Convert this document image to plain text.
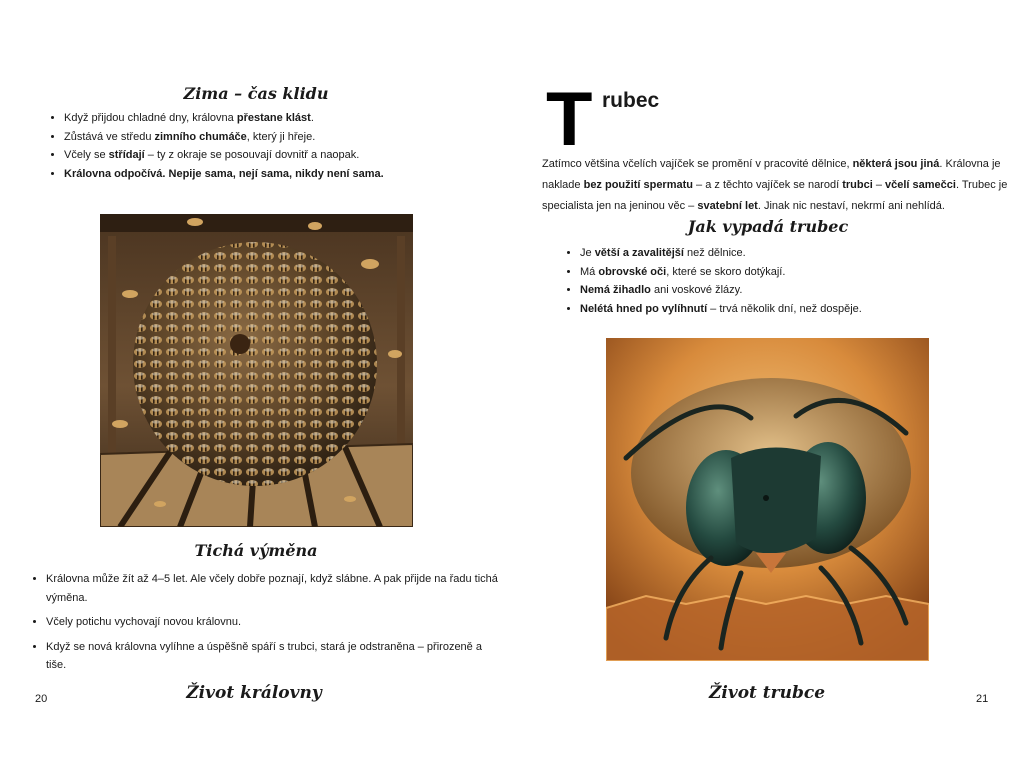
Zima – čas klidu
• Když přijdou chladné dny, královna přestane klást.
• Zůstává ve středu zimního chumáče, který ji hřeje.
• Včely se střídají – ty z okraje se posouvají dovnitř a naopak.
• Královna odpočívá. Nepije sama, nejí sama, nikdy není sama.
Tichá výměna
• Královna může žít až 4–5 let. Ale včely dobře poznají, když slábne. A pak přijde na řadu tichá výměna.
• Včely potichu vychovají novou královnu.
• Když se nová královna vylíhne a úspěšně spáří s trubci, stará je odstraněna – přirozeně a tiše.
20	Život královny
T rubec
Zatímco většina včelích vajíček se promění v pracovité dělnice, některá jsou jiná. Královna je
naklade bez použití spermatu – a z těchto vajíček se narodí trubci – včelí samečci. Trubec je
specialista jen na jeninou věc – svatební let. Jinak nic nestaví, nekrmí ani nehlídá.
Jak vypadá trubec
• Je větší a zavalitější než dělnice.
• Má obrovské oči, které se skoro dotýkají.
• Nemá žihadlo ani voskové žlázy.
• Nelétá hned po vylíhnutí – trvá několik dní, než dospěje.
21
Život trubce
